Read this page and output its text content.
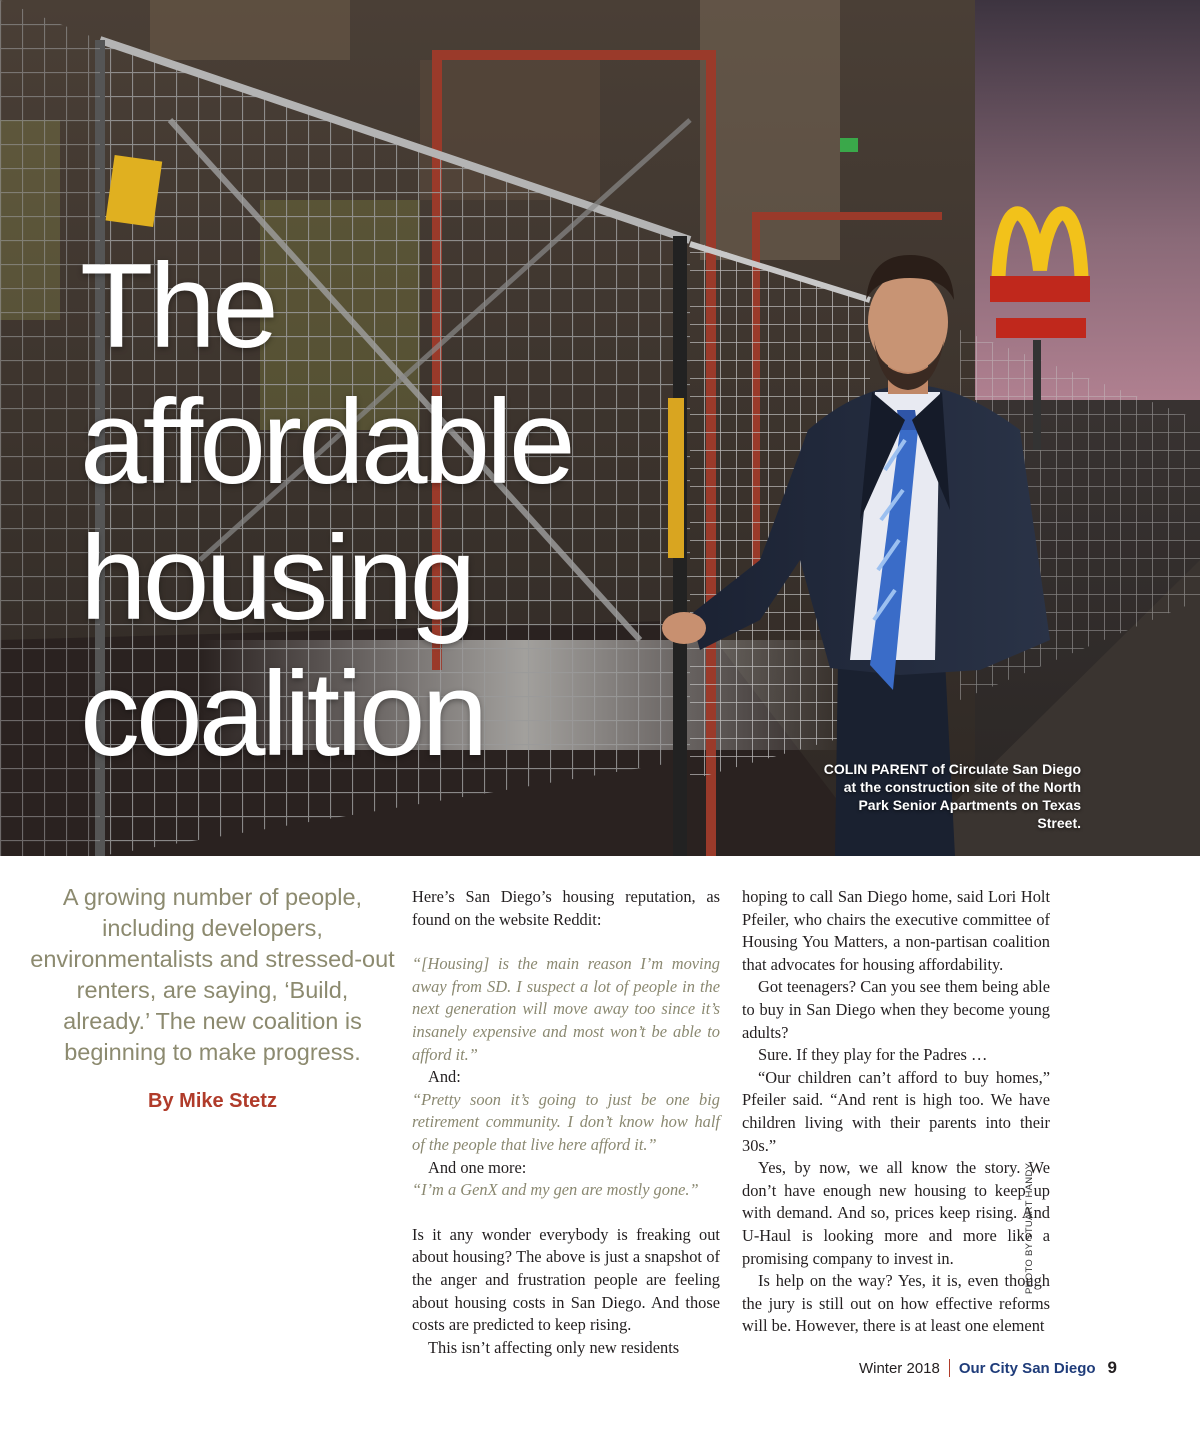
The
affordable
housing
coalition	COLIN PARENT of Circulate San Diego at the construction site of the North Park Senior Apartments on Texas Street.
A growing number of people, including developers, environmentalists and stressed-out renters, are saying, ‘Build, already.’ The new coalition is beginning to make progress.
By Mike Stetz

Here’s San Diego’s housing reputation, as found on the website Reddit:

“[Housing] is the main reason I’m moving away from SD. I suspect a lot of people in the next generation will move away too since it’s insanely expensive and most won’t be able to afford it.”

And:

“Pretty soon it’s going to just be one big retirement community. I don’t know how half of the people that live here afford it.”

And one more:

“I’m a GenX and my gen are mostly gone.”

Is it any wonder everybody is freaking out about housing? The above is just a snapshot of the anger and frustration people are feeling about housing costs in San Diego. And those costs are predicted to keep rising.

This isn’t affecting only new residents

hoping to call San Diego home, said Lori Holt Pfeiler, who chairs the executive committee of Housing You Matters, a non-partisan coalition that advocates for housing affordability.

Got teenagers? Can you see them being able to buy in San Diego when they become young adults?

Sure. If they play for the Padres …

“Our children can’t afford to buy homes,” Pfeiler said. “And rent is high too. We have children living with their parents into their 30s.”

Yes, by now, we all know the story. We don’t have enough new housing to keep up with demand. And so, prices keep rising. And U-Haul is looking more and more like a promising company to invest in.

Is help on the way? Yes, it is, even though the jury is still out on how effective reforms will be. However, there is at least one element

PHOTO BY STUART HANDY
Winter 2018 Our City San Diego 9
